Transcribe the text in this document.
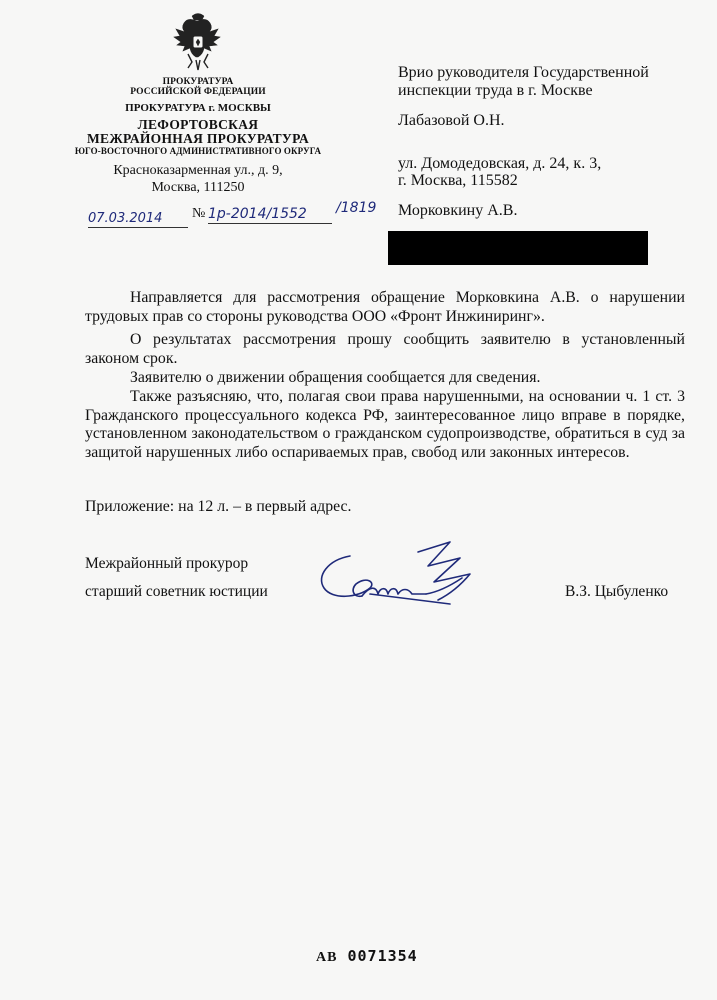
ПРОКУРАТУРА
РОССИЙСКОЙ ФЕДЕРАЦИИ
ПРОКУРАТУРА г. МОСКВЫ
ЛЕФОРТОВСКАЯ
МЕЖРАЙОННАЯ ПРОКУРАТУРА
ЮГО-ВОСТОЧНОГО АДМИНИСТРАТИВНОГО ОКРУГА
Краснοказарменная ул., д. 9,
Москва, 111250
07.03.2014	№ 1р-2014/1552	/1819
Врио руководителя Государственной
инспекции труда в г. Москве
Лабазовой О.Н.
ул. Домодедовская, д. 24, к. 3,
г. Москва, 115582
Морковкину А.В.
Направляется для рассмотрения обращение Морковкина А.В. о нарушении трудовых прав со стороны руководства ООО «Фронт Инжиниринг».
О результатах рассмотрения прошу сообщить заявителю в установленный законом срок.
Заявителю о движении обращения сообщается для сведения.
Также разъясняю, что, полагая свои права нарушенными, на основании ч. 1 ст. 3 Гражданского процессуального кодекса РФ, заинтересованное лицо вправе в порядке, установленном законодательством о гражданском судопроизводстве, обратиться в суд за защитой нарушенных либо оспариваемых прав, свобод или законных интересов.
Приложение: на 12 л. – в первый адрес.
Межрайонный прокурор
старший советник юстиции	В.З. Цыбуленко
АВ 0071354
